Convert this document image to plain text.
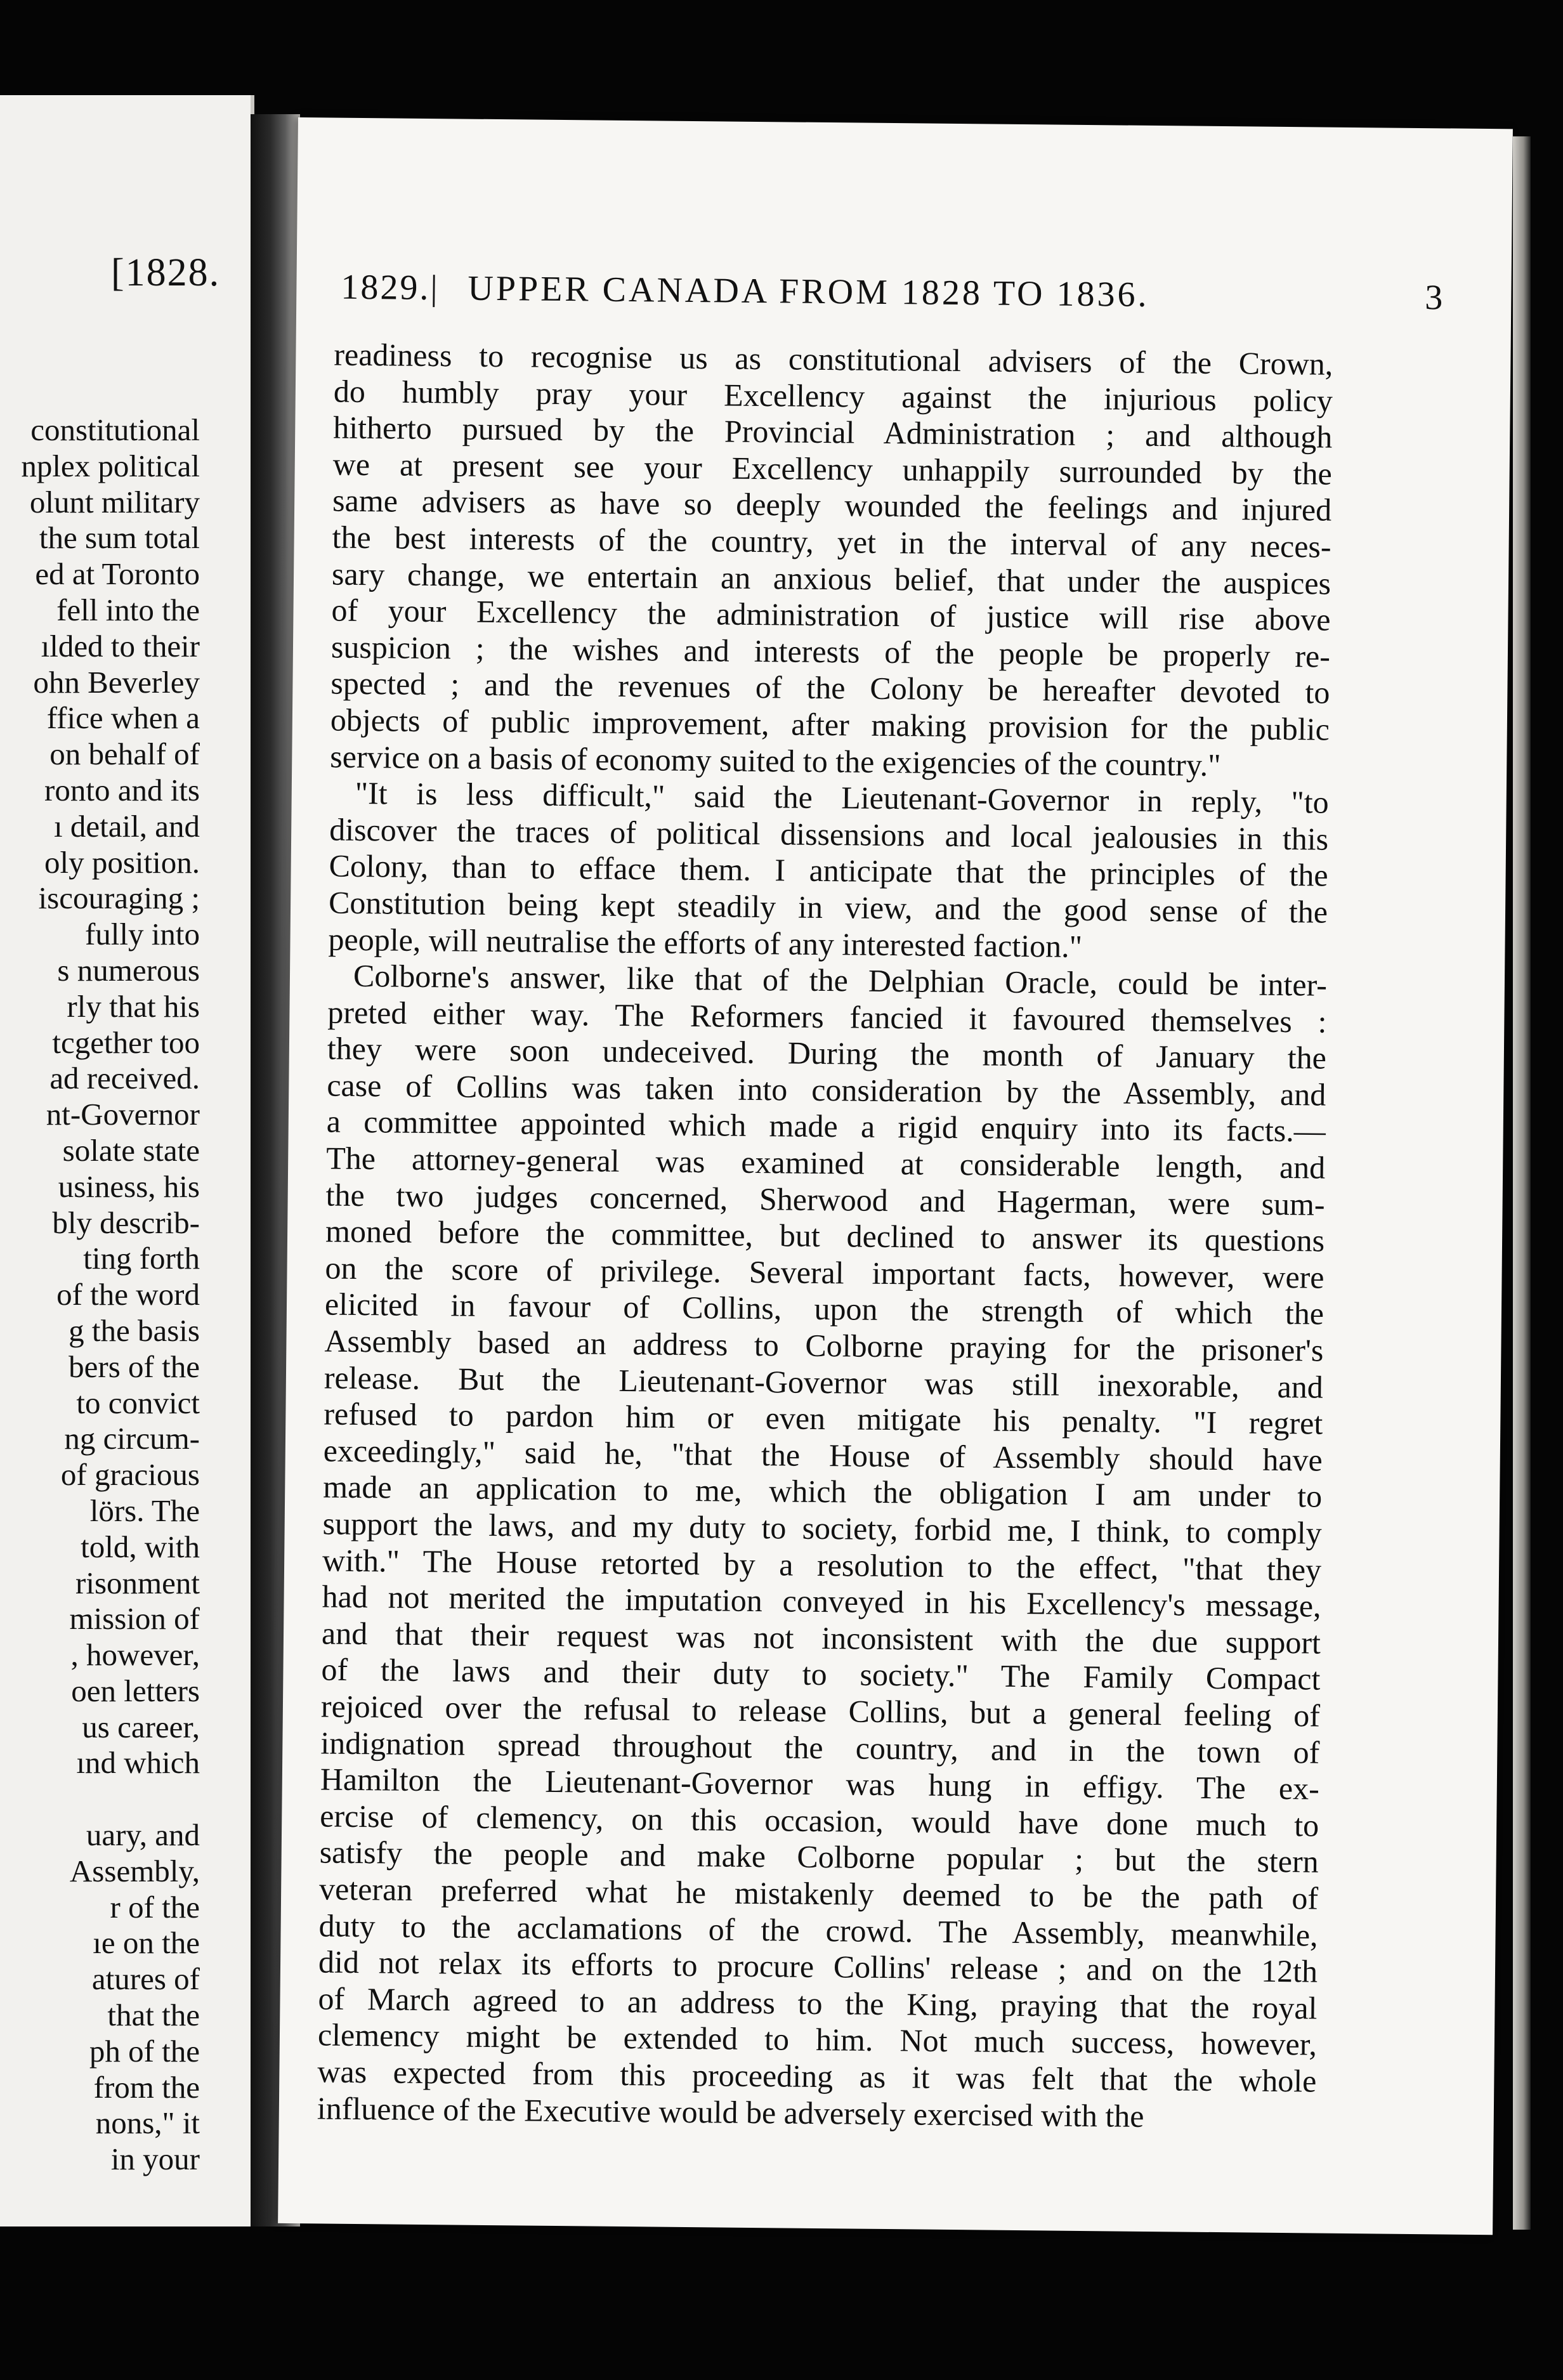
[1828.
constitutional
nplex political
olunt military
the sum total
ed at Toronto
fell into the
ılded to their
ohn Beverley
ffice when a
on behalf of
ronto and its
ı detail, and
oly position.
iscouraging ;
fully into
s numerous
rly that his
tcgether too
ad received.
nt-Governor
solate state
usiness, his
bly describ-
ting forth
of the word
g the basis
bers of the
to convict
ng circum-
of gracious
lörs. The
told, with
risonment
mission of
, however,
oen letters
us career,
ınd which
uary, and
Assembly,
r of the
ıe on the
atures of
that the
ph of the
from the
nons," it
in your
1829.| UPPER CANADA FROM 1828 TO 1836.	3
readiness to recognise us as constitutional advisers of the Crown,
do humbly pray your Excellency against the injurious policy
hitherto pursued by the Provincial Administration ; and although
we at present see your Excellency unhappily surrounded by the
same advisers as have so deeply wounded the feelings and injured
the best interests of the country, yet in the interval of any neces-
sary change, we entertain an anxious belief, that under the auspices
of your Excellency the administration of justice will rise above
suspicion ; the wishes and interests of the people be properly re-
spected ; and the revenues of the Colony be hereafter devoted to
objects of public improvement, after making provision for the public
service on a basis of economy suited to the exigencies of the country."
"It is less difficult," said the Lieutenant-Governor in reply, "to
discover the traces of political dissensions and local jealousies in this
Colony, than to efface them. I anticipate that the principles of the
Constitution being kept steadily in view, and the good sense of the
people, will neutralise the efforts of any interested faction."
Colborne's answer, like that of the Delphian Oracle, could be inter-
preted either way. The Reformers fancied it favoured themselves :
they were soon undeceived. During the month of January the
case of Collins was taken into consideration by the Assembly, and
a committee appointed which made a rigid enquiry into its facts.—
The attorney-general was examined at considerable length, and
the two judges concerned, Sherwood and Hagerman, were sum-
moned before the committee, but declined to answer its questions
on the score of privilege. Several important facts, however, were
elicited in favour of Collins, upon the strength of which the
Assembly based an address to Colborne praying for the prisoner's
release. But the Lieutenant-Governor was still inexorable, and
refused to pardon him or even mitigate his penalty. "I regret
exceedingly," said he, "that the House of Assembly should have
made an application to me, which the obligation I am under to
support the laws, and my duty to society, forbid me, I think, to comply
with." The House retorted by a resolution to the effect, "that they
had not merited the imputation conveyed in his Excellency's message,
and that their request was not inconsistent with the due support
of the laws and their duty to society." The Family Compact
rejoiced over the refusal to release Collins, but a general feeling of
indignation spread throughout the country, and in the town of
Hamilton the Lieutenant-Governor was hung in effigy. The ex-
ercise of clemency, on this occasion, would have done much to
satisfy the people and make Colborne popular ; but the stern
veteran preferred what he mistakenly deemed to be the path of
duty to the acclamations of the crowd. The Assembly, meanwhile,
did not relax its efforts to procure Collins' release ; and on the 12th
of March agreed to an address to the King, praying that the royal
clemency might be extended to him. Not much success, however,
was expected from this proceeding as it was felt that the whole
influence of the Executive would be adversely exercised with the
